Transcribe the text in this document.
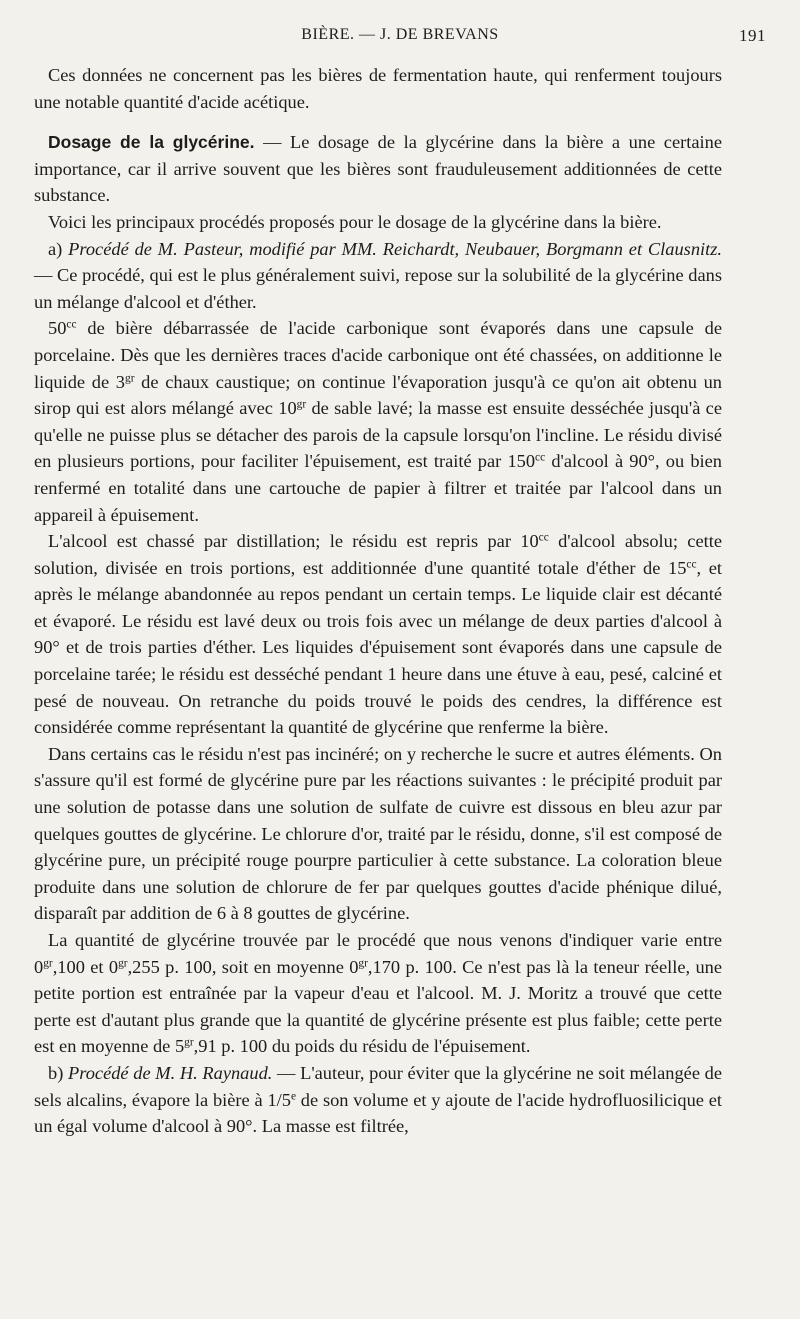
BIÈRE. — J. DE BREVANS	191

Ces données ne concernent pas les bières de fermentation haute, qui renferment toujours une notable quantité d'acide acétique.

Dosage de la glycérine. — Le dosage de la glycérine dans la bière a une certaine importance, car il arrive souvent que les bières sont frauduleusement additionnées de cette substance.

Voici les principaux procédés proposés pour le dosage de la glycérine dans la bière.

a) Procédé de M. Pasteur, modifié par MM. Reichardt, Neubauer, Borgmann et Clausnitz. — Ce procédé, qui est le plus généralement suivi, repose sur la solubilité de la glycérine dans un mélange d'alcool et d'éther.

$50^{cc}$ de bière débarrassée de l'acide carbonique sont évaporés dans une capsule de porcelaine. Dès que les dernières traces d'acide carbonique ont été chassées, on additionne le liquide de $3^{gr}$ de chaux caustique; on continue l'évaporation jusqu'à ce qu'on ait obtenu un sirop qui est alors mélangé avec $10^{gr}$ de sable lavé; la masse est ensuite desséchée jusqu'à ce qu'elle ne puisse plus se détacher des parois de la capsule lorsqu'on l'incline. Le résidu divisé en plusieurs portions, pour faciliter l'épuisement, est traité par $150^{cc}$ d'alcool à 90°, ou bien renfermé en totalité dans une cartouche de papier à filtrer et traitée par l'alcool dans un appareil à épuisement.

L'alcool est chassé par distillation; le résidu est repris par $10^{cc}$ d'alcool absolu; cette solution, divisée en trois portions, est additionnée d'une quantité totale d'éther de $15^{cc}$, et après le mélange abandonnée au repos pendant un certain temps. Le liquide clair est décanté et évaporé. Le résidu est lavé deux ou trois fois avec un mélange de deux parties d'alcool à 90° et de trois parties d'éther. Les liquides d'épuisement sont évaporés dans une capsule de porcelaine tarée; le résidu est desséché pendant 1 heure dans une étuve à eau, pesé, calciné et pesé de nouveau. On retranche du poids trouvé le poids des cendres, la différence est considérée comme représentant la quantité de glycérine que renferme la bière.

Dans certains cas le résidu n'est pas incinéré; on y recherche le sucre et autres éléments. On s'assure qu'il est formé de glycérine pure par les réactions suivantes : le précipité produit par une solution de potasse dans une solution de sulfate de cuivre est dissous en bleu azur par quelques gouttes de glycérine. Le chlorure d'or, traité par le résidu, donne, s'il est composé de glycérine pure, un précipité rouge pourpre particulier à cette substance. La coloration bleue produite dans une solution de chlorure de fer par quelques gouttes d'acide phénique dilué, disparaît par addition de 6 à 8 gouttes de glycérine.

La quantité de glycérine trouvée par le procédé que nous venons d'indiquer varie entre $0^{gr},100$ et $0^{gr},255$ p. 100, soit en moyenne $0^{gr},170$ p. 100. Ce n'est pas là la teneur réelle, une petite portion est entraînée par la vapeur d'eau et l'alcool. M. J. Moritz a trouvé que cette perte est d'autant plus grande que la quantité de glycérine présente est plus faible; cette perte est en moyenne de $5^{gr},91$ p. 100 du poids du résidu de l'épuisement.

b) Procédé de M. H. Raynaud. — L'auteur, pour éviter que la glycérine ne soit mélangée de sels alcalins, évapore la bière à 1/5e de son volume et y ajoute de l'acide hydrofluosilicique et un égal volume d'alcool à 90°. La masse est filtrée,
